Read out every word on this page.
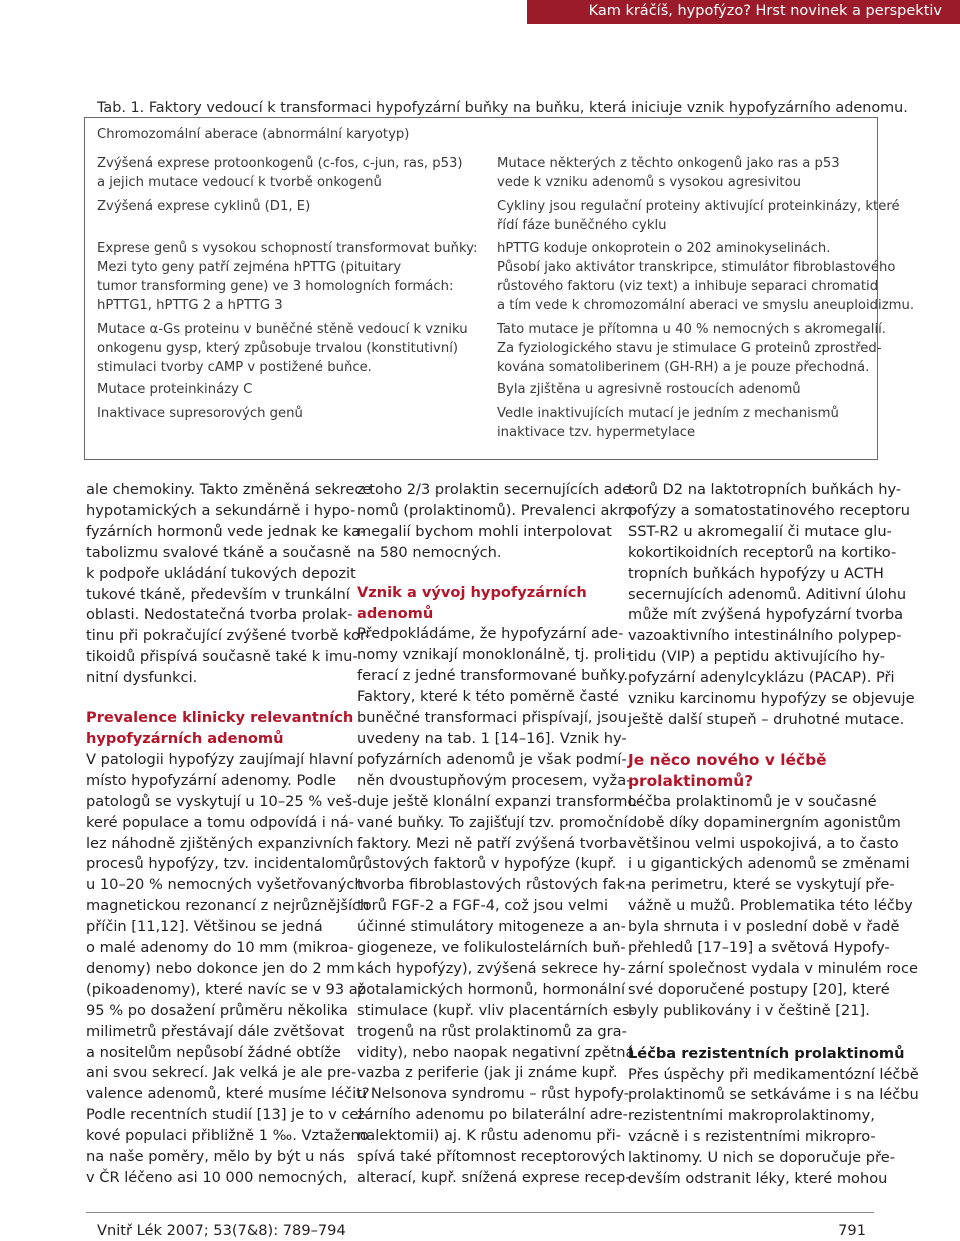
Kam kráčíš, hypofýzo? Hrst novinek a perspektiv
Tab. 1. Faktory vedoucí k transformaci hypofyzární buňky na buňku, která iniciuje vznik hypofyzárního adenomu.
Chromozomální aberace (abnormální karyotyp)
Zvýšená exprese protoonkogenů (c-fos, c-jun, ras, p53)
a jejich mutace vedoucí k tvorbě onkogenů
Zvýšená exprese cyklinů (D1, E)
Exprese genů s vysokou schopností transformovat buňky:
Mezi tyto geny patří zejména hPTTG (pituitary
tumor transforming gene) ve 3 homologních formách:
hPTTG1, hPTTG 2 a hPTTG 3
Mutace α-Gs proteinu v buněčné stěně vedoucí k vzniku
onkogenu gysp, který způsobuje trvalou (konstitutivní)
stimulaci tvorby cAMP v postižené buňce.
Mutace proteinkinázy C
Inaktivace supresorových genů
Mutace některých z těchto onkogenů jako ras a p53
vede k vzniku adenomů s vysokou agresivitou
Cykliny jsou regulační proteiny aktivující proteinkinázy, které
řídí fáze buněčného cyklu
hPTTG koduje onkoprotein o 202 aminokyselinách.
Působí jako aktivátor transkripce, stimulátor fibroblastového
růstového faktoru (viz text) a inhibuje separaci chromatid
a tím vede k chromozomální aberaci ve smyslu aneuploidizmu.
Tato mutace je přítomna u 40 % nemocných s akromegalií.
Za fyziologického stavu je stimulace G proteinů zprostřed-
kována somatoliberinem (GH-RH) a je pouze přechodná.
Byla zjištěna u agresivně rostoucích adenomů
Vedle inaktivujících mutací je jedním z mechanismů
inaktivace tzv. hypermetylace

ale chemokiny. Takto změněná sekrece

hypotamických a sekundárně i hypo-

fyzárních hormonů vede jednak ke ka-

tabolizmu svalové tkáně a současně

k podpoře ukládání tukových depozit

tukové tkáně, především v trunkální

oblasti. Nedostatečná tvorba prolak-

tinu při pokračující zvýšené tvorbě kor-

tikoidů přispívá současně také k imu-

nitní dysfunkci.

Prevalence klinicky relevantních

hypofyzárních adenomů

V patologii hypofýzy zaujímají hlavní

místo hypofyzární adenomy. Podle

patologů se vyskytují u 10–25 % veš-

keré populace a tomu odpovídá i ná-

lez náhodně zjištěných expanzivních

procesů hypofýzy, tzv. incidentalomů,

u 10–20 % nemocných vyšetřovaných

magnetickou rezonancí z nejrůznějších

příčin [11,12]. Většinou se jedná

o malé adenomy do 10 mm (mikroa-

denomy) nebo dokonce jen do 2 mm

(pikoadenomy), které navíc se v 93 až

95 % po dosažení průměru několika

milimetrů přestávají dále zvětšovat

a nositelům nepůsobí žádné obtíže

ani svou sekrecí. Jak velká je ale pre-

valence adenomů, které musíme léčit?

Podle recentních studií [13] je to v cel-

kové populaci přibližně 1 ‰. Vztaženo

na naše poměry, mělo by být u nás

v ČR léčeno asi 10 000 nemocných,

z toho 2/3 prolaktin secernujících ade-

nomů (prolaktinomů). Prevalenci akro-

megalií bychom mohli interpolovat

na 580 nemocných.

Vznik a vývoj hypofyzárních

adenomů

Předpokládáme, že hypofyzární ade-

nomy vznikají monoklonálně, tj. proli-

ferací z jedné transformované buňky.

Faktory, které k této poměrně časté

buněčné transformaci přispívají, jsou

uvedeny na tab. 1 [14–16]. Vznik hy-

pofyzárních adenomů je však podmí-

něn dvoustupňovým procesem, vyža-

duje ještě klonální expanzi transformo-

vané buňky. To zajišťují tzv. promoční

faktory. Mezi ně patří zvýšená tvorba

růstových faktorů v hypofýze (kupř.

tvorba fibroblastových růstových fak-

torů FGF-2 a FGF-4, což jsou velmi

účinné stimulátory mitogeneze a an-

giogeneze, ve folikulostelárních buň-

kách hypofýzy), zvýšená sekrece hy-

potalamických hormonů, hormonální

stimulace (kupř. vliv placentárních es-

trogenů na růst prolaktinomů za gra-

vidity), nebo naopak negativní zpětná

vazba z periferie (jak ji známe kupř.

u Nelsonova syndromu – růst hypofy-

zárního adenomu po bilaterální adre-

nalektomii) aj. K růstu adenomu při-

spívá také přítomnost receptorových

alterací, kupř. snížená exprese recep-

torů D2 na laktotropních buňkách hy-

pofýzy a somatostatinového receptoru

SST-R2 u akromegalií či mutace glu-

kokortikoidních receptorů na kortiko-

tropních buňkách hypofýzy u ACTH

secernujících adenomů. Aditivní úlohu

může mít zvýšená hypofyzární tvorba

vazoaktivního intestinálního polypep-

tidu (VIP) a peptidu aktivujícího hy-

pofyzární adenylcyklázu (PACAP). Při

vzniku karcinomu hypofýzy se objevuje

ještě další stupeň – druhotné mutace.

Je něco nového v léčbě

prolaktinomů?

Léčba prolaktinomů je v současné

době díky dopaminergním agonistům

většinou velmi uspokojivá, a to často

i u gigantických adenomů se změnami

na perimetru, které se vyskytují pře-

vážně u mužů. Problematika této léčby

byla shrnuta i v poslední době v řadě

přehledů [17–19] a světová Hypofy-

zární společnost vydala v minulém roce

své doporučené postupy [20], které

byly publikovány i v češtině [21].

Léčba rezistentních prolaktinomů

Přes úspěchy při medikamentózní léčbě

prolaktinomů se setkáváme i s na léčbu

rezistentními makroprolaktinomy,

vzácně i s rezistentními mikropro-

laktinomy. U nich se doporučuje pře-

devším odstranit léky, které mohou

Vnitř Lék 2007; 53(7&8): 789–794	791
